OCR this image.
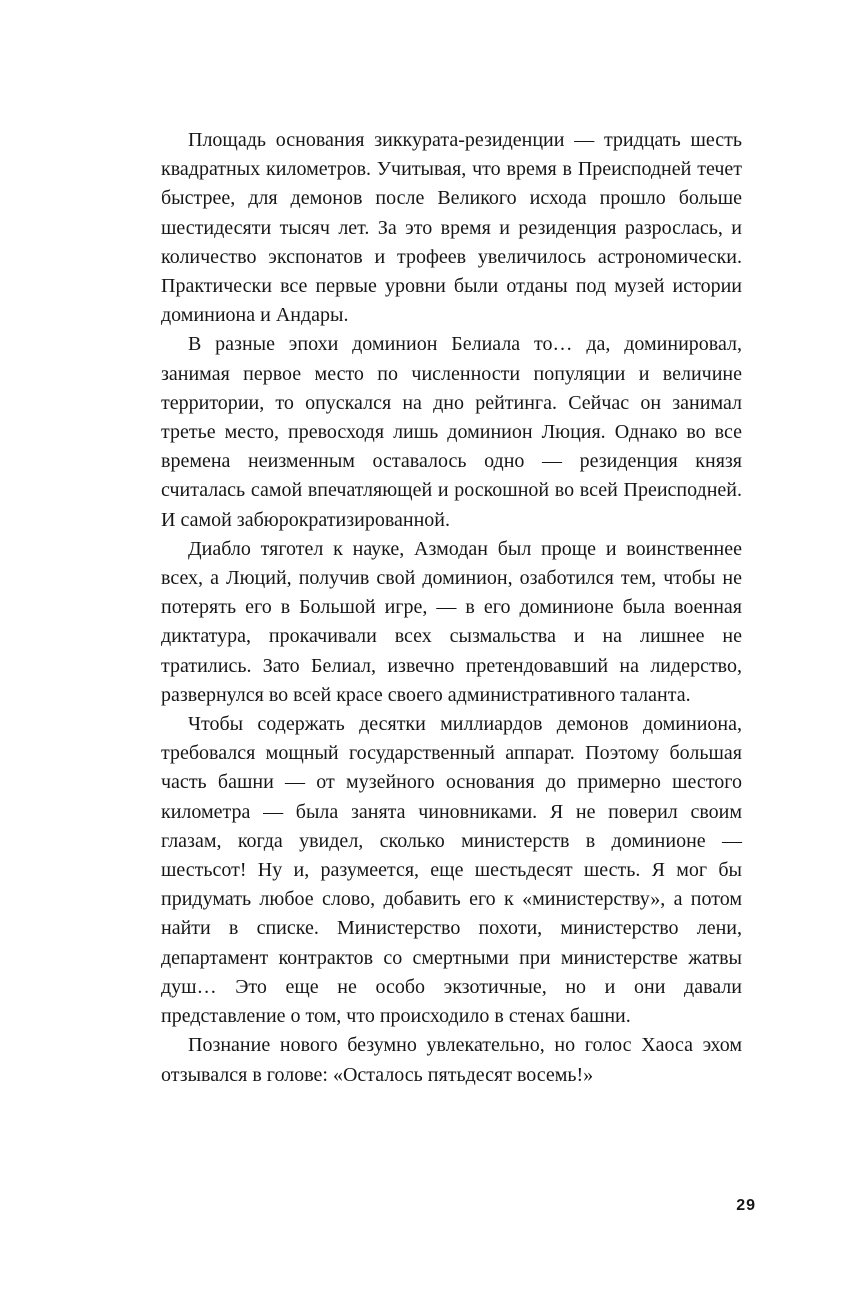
Площадь основания зиккурата-резиденции — тридцать шесть квадратных километров. Учитывая, что время в Преисподней течет быстрее, для демонов после Великого исхода прошло больше шестидесяти тысяч лет. За это время и резиденция разрослась, и количество экспонатов и трофеев увеличилось астрономически. Практически все первые уровни были отданы под музей истории доминиона и Андары.

В разные эпохи доминион Белиала то… да, доминировал, занимая первое место по численности популяции и величине территории, то опускался на дно рейтинга. Сейчас он занимал третье место, превосходя лишь доминион Люция. Однако во все времена неизменным оставалось одно — резиденция князя считалась самой впечатляющей и роскошной во всей Преисподней. И самой забюрократизированной.

Диабло тяготел к науке, Азмодан был проще и воинственнее всех, а Люций, получив свой доминион, озаботился тем, чтобы не потерять его в Большой игре, — в его доминионе была военная диктатура, прокачивали всех сызмальства и на лишнее не тратились. Зато Белиал, извечно претендовавший на лидерство, развернулся во всей красе своего административного таланта.

Чтобы содержать десятки миллиардов демонов доминиона, требовался мощный государственный аппарат. Поэтому большая часть башни — от музейного основания до примерно шестого километра — была занята чиновниками. Я не поверил своим глазам, когда увидел, сколько министерств в доминионе — шестьсот! Ну и, разумеется, еще шестьдесят шесть. Я мог бы придумать любое слово, добавить его к «министерству», а потом найти в списке. Министерство похоти, министерство лени, департамент контрактов со смертными при министерстве жатвы душ… Это еще не особо экзотичные, но и они давали представление о том, что происходило в стенах башни.

Познание нового безумно увлекательно, но голос Хаоса эхом отзывался в голове: «Осталось пятьдесят восемь!»

29
